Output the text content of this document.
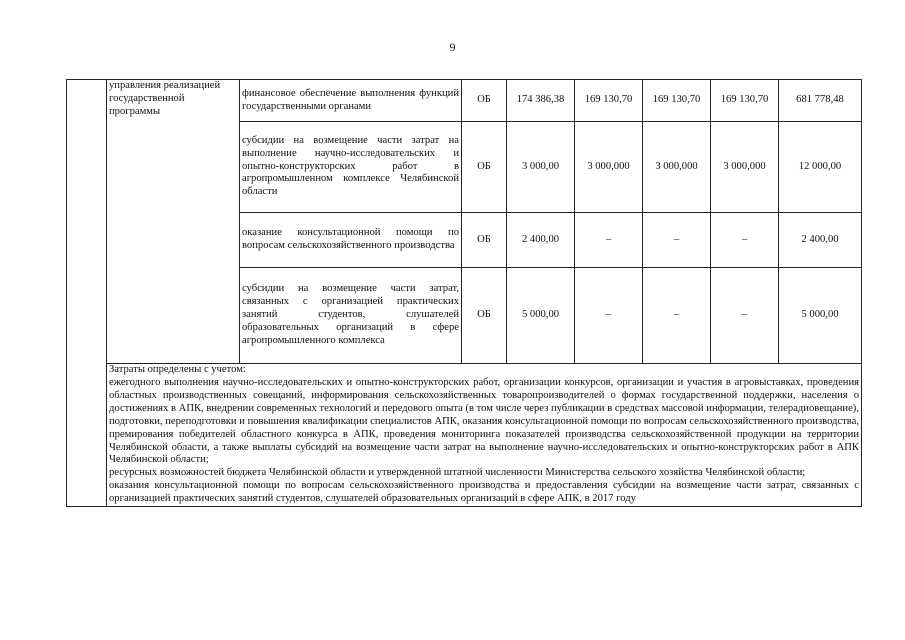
9
	управления реализацией государственной программы	финансовое обеспечение выполнения функций государственными органами	ОБ	174 386,38	169 130,70	169 130,70	169 130,70	681 778,48
		субсидии на возмещение части затрат на выполнение научно-исследовательских и опытно-конструкторских работ в агропромышленном комплексе Челябинской области	ОБ	3 000,00	3 000,000	3 000,000	3 000,000	12 000,00
		оказание консультационной помощи по вопросам сельскохозяйственного производства	ОБ	2 400,00	–	–	–	2 400,00
		субсидии на возмещение части затрат, связанных с организацией практических занятий студентов, слушателей образовательных организаций в сфере агропромышленного комплекса	ОБ	5 000,00	–	–	–	5 000,00

	Затраты определены с учетом:
ежегодного выполнения научно-исследовательских и опытно-конструкторских работ, организации конкурсов, организации и участия в агровыставках, проведения областных производственных совещаний, информирования сельскохозяйственных товаропроизводителей о формах государственной поддержки, населения о достижениях в АПК, внедрении современных технологий и передового опыта (в том числе через публикации в средствах массовой информации, телерадиовещание), подготовки, переподготовки и повышения квалификации специалистов АПК, оказания консультационной помощи по вопросам сельскохозяйственного производства, премирования победителей областного конкурса в АПК, проведения мониторинга показателей производства сельскохозяйственной продукции на территории Челябинской области, а также выплаты субсидий на возмещение части затрат на выполнение научно-исследовательских и опытно-конструкторских работ в АПК Челябинской области;
ресурсных возможностей бюджета Челябинской области и утвержденной штатной численности Министерства сельского хозяйства Челябинской области;
оказания консультационной помощи по вопросам сельскохозяйственного производства и предоставления субсидии на возмещение части затрат, связанных с организацией практических занятий студентов, слушателей образовательных организаций в сфере АПК, в 2017 году							
